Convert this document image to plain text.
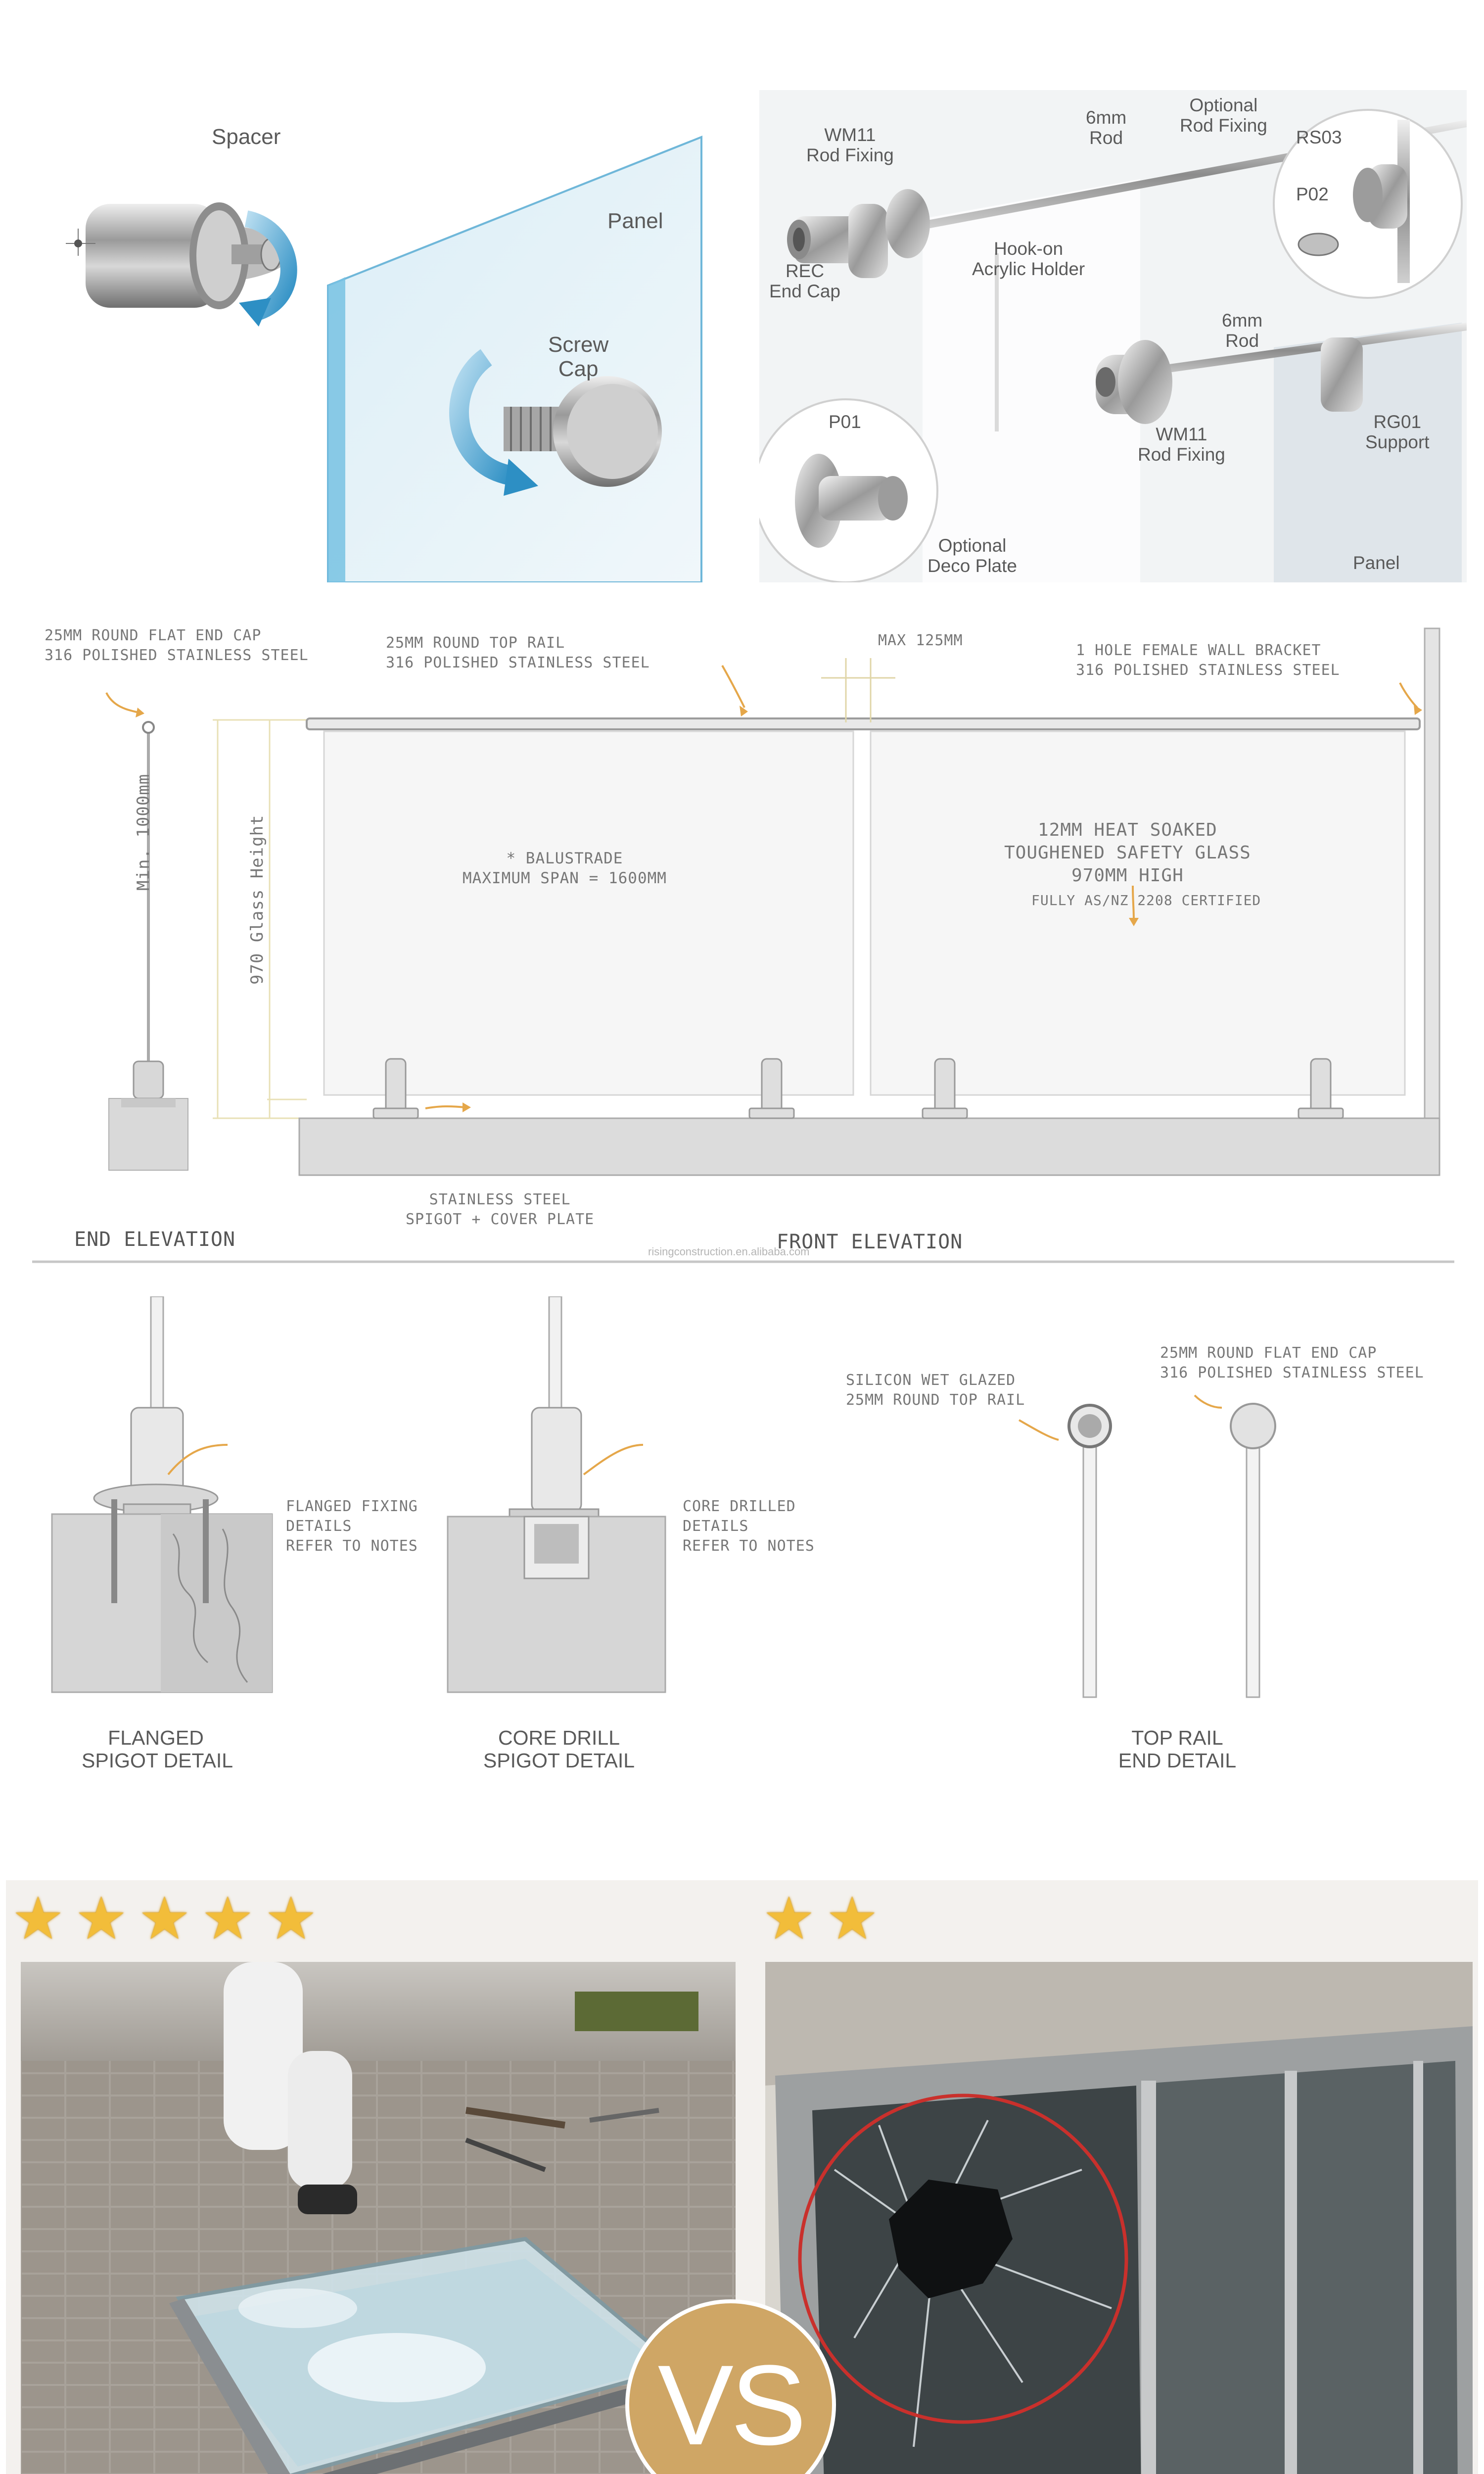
Spacer
Panel
Screw
Cap
WM11
Rod Fixing
6mm
Rod
Optional
Rod Fixing
RS03
P02
REC
End Cap
Hook-on
Acrylic Holder
6mm
Rod
P01
WM11
Rod Fixing
RG01
Support
Optional
Deco Plate	Panel
25MM ROUND FLAT END CAP
316 POLISHED STAINLESS STEEL
25MM ROUND TOP RAIL
316 POLISHED STAINLESS STEEL
MAX 125MM
1 HOLE FEMALE WALL BRACKET
316 POLISHED STAINLESS STEEL
Min. 1000mm	970 Glass Height	* BALUSTRADE
MAXIMUM SPAN = 1600MM
12MM HEAT SOAKED
TOUGHENED SAFETY GLASS
970MM HIGH
FULLY AS/NZ 2208 CERTIFIED
STAINLESS STEEL
SPIGOT + COVER PLATE
END ELEVATION	FRONT ELEVATION
risingconstruction.en.alibaba.com
FLANGED FIXING
DETAILS
REFER TO NOTES
CORE DRILLED
DETAILS
REFER TO NOTES
SILICON WET GLAZED
25MM ROUND TOP RAIL
25MM ROUND FLAT END CAP
316 POLISHED STAINLESS STEEL
FLANGED
SPIGOT DETAIL
CORE DRILL
SPIGOT DETAIL
TOP RAIL
END DETAIL
★ ★ ★ ★ ★	★ ★
VS
